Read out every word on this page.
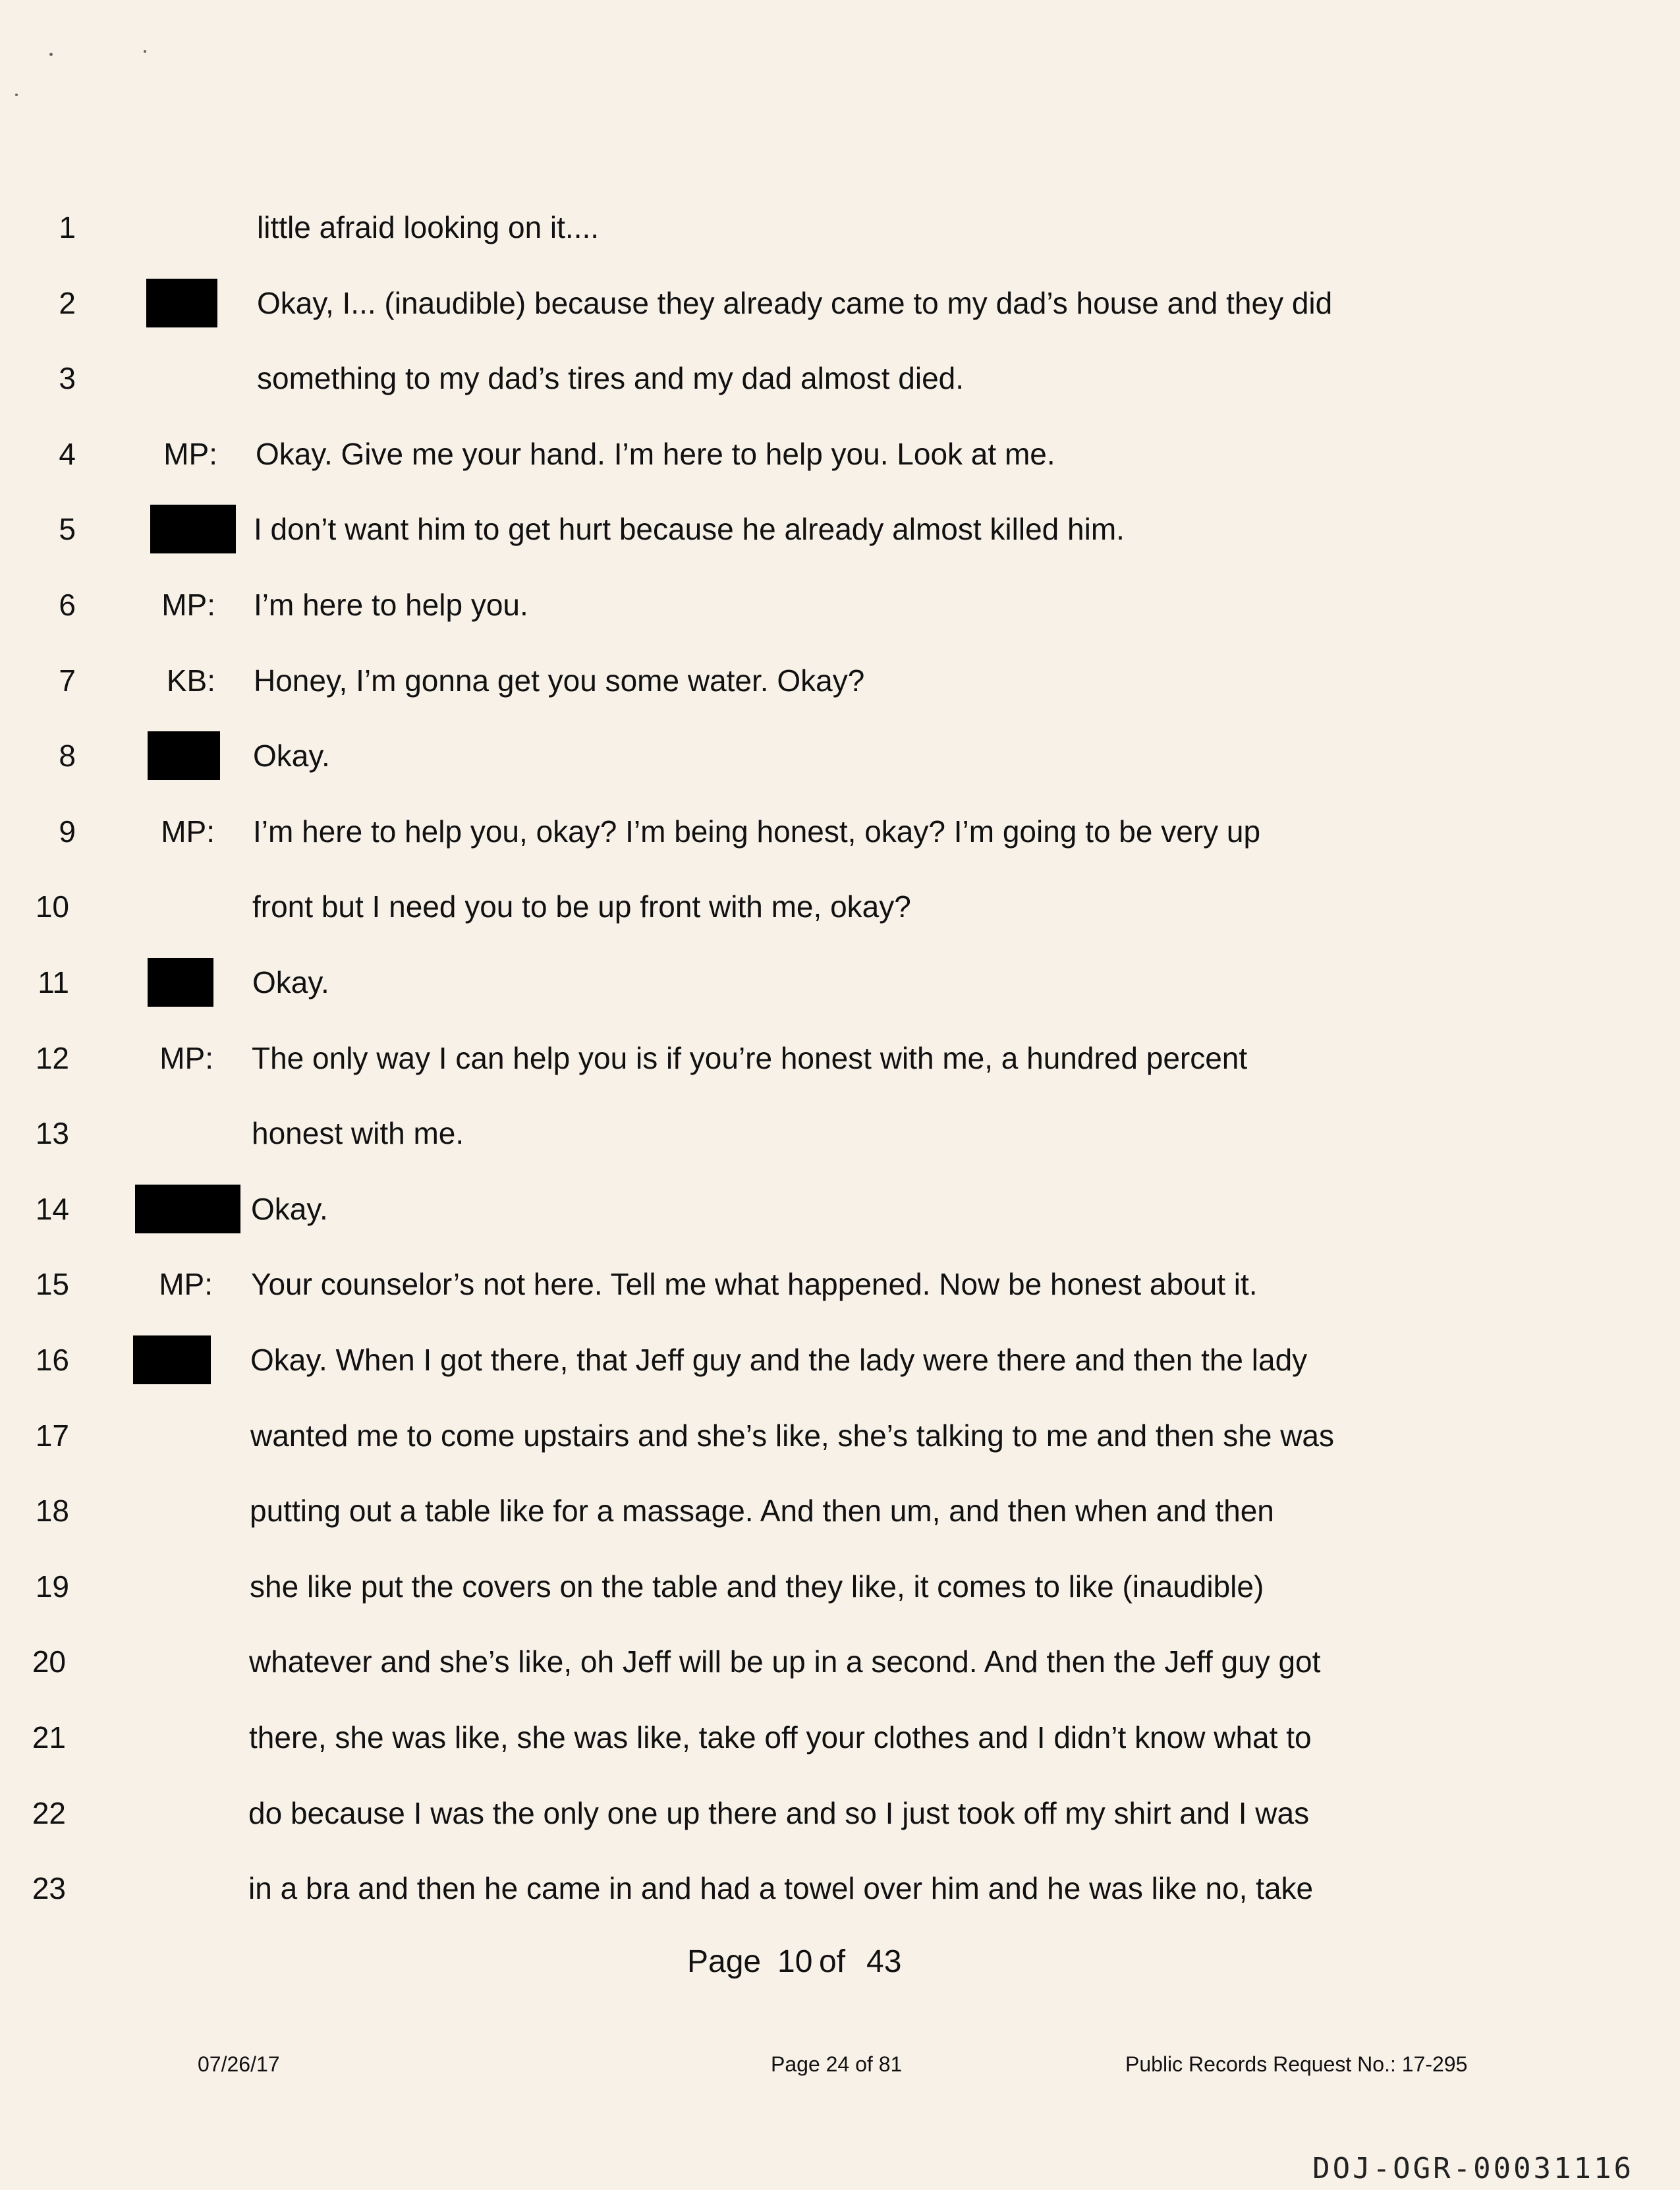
1	little afraid looking on it....
2	Okay, I... (inaudible) because they already came to my dad’s house and they did
3	something to my dad’s tires and my dad almost died.
4	MP: Okay. Give me your hand. I’m here to help you. Look at me.
5	I don’t want him to get hurt because he already almost killed him.
6	MP: I’m here to help you.
7	KB: Honey, I’m gonna get you some water. Okay?
8	Okay.
9	MP: I’m here to help you, okay? I’m being honest, okay? I’m going to be very up
10	front but I need you to be up front with me, okay?
11	Okay.
12	MP: The only way I can help you is if you’re honest with me, a hundred percent
13	honest with me.
14	Okay.
15	MP: Your counselor’s not here. Tell me what happened. Now be honest about it.
16	Okay. When I got there, that Jeff guy and the lady were there and then the lady
17	wanted me to come upstairs and she’s like, she’s talking to me and then she was
18	putting out a table like for a massage. And then um, and then when and then
19	she like put the covers on the table and they like, it comes to like (inaudible)
20	whatever and she’s like, oh Jeff will be up in a second. And then the Jeff guy got
21	there, she was like, she was like, take off your clothes and I didn’t know what to
22	do because I was the only one up there and so I just took off my shirt and I was
23	in a bra and then he came in and had a towel over him and he was like no, take
Page 10 of 43
07/26/17	Page 24 of 81	Public Records Request No.: 17-295
DOJ-OGR-00031116
